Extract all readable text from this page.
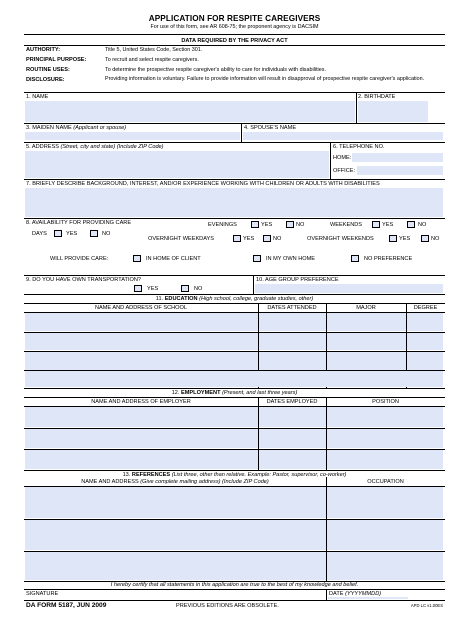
APPLICATION FOR RESPITE CAREGIVERS
For use of this form, see AR 608-75; the proponent agency is DACSIM
DATA REQUIRED BY THE PRIVACY ACT
AUTHORITY:	Title 5, United States Code, Section 301.
PRINCIPAL PURPOSE:	To recruit and select respite caregivers.
ROUTINE USES:	To determine the prospective respite caregiver's ability to care for individuals with disabilities.
DISCLOSURE:	Providing information is voluntary. Failure to provide information will result in disapproval of prospective respite caregiver's application.
1. NAME	2. BIRTHDATE
3. MAIDEN NAME (Applicant or spouse)	4. SPOUSE'S NAME
5. ADDRESS (Street, city and state) (Include ZIP Code)	6. TELEPHONE NO.
HOME:
OFFICE:
7. BRIEFLY DESCRIBE BACKGROUND, INTEREST, AND/OR EXPERIENCE WORKING WITH CHILDREN OR ADULTS WITH DISABILITIES
8. AVAILABILITY FOR PROVIDING CARE
DAYS	YES	NO
EVENINGS	YES	NO	WEEKENDS	YES	NO
OVERNIGHT WEEKDAYS	YES	NO	OVERNIGHT WEEKENDS	YES	NO
WILL PROVIDE CARE:	IN HOME OF CLIENT	IN MY OWN HOME	NO PREFERENCE
9. DO YOU HAVE OWN TRANSPORTATION?
YES	NO
10. AGE GROUP PREFERENCE
11. EDUCATION (High school, college, graduate studies, other)
NAME AND ADDRESS OF SCHOOL	DATES ATTENDED	MAJOR	DEGREE
12. EMPLOYMENT (Present, and last three years)
NAME AND ADDRESS OF EMPLOYER	DATES EMPLOYED	POSITION
13. REFERENCES (List three, other than relative. Example: Pastor, supervisor, co-worker)
NAME AND ADDRESS (Give complete mailing address) (Include ZIP Code)	OCCUPATION
I hereby certify that all statements in this application are true to the best of my knowledge and belief.
SIGNATURE	DATE (YYYYMMDD)
DA FORM 5187, JUN 2009	PREVIOUS EDITIONS ARE OBSOLETE.	APD LC v1.00ES
